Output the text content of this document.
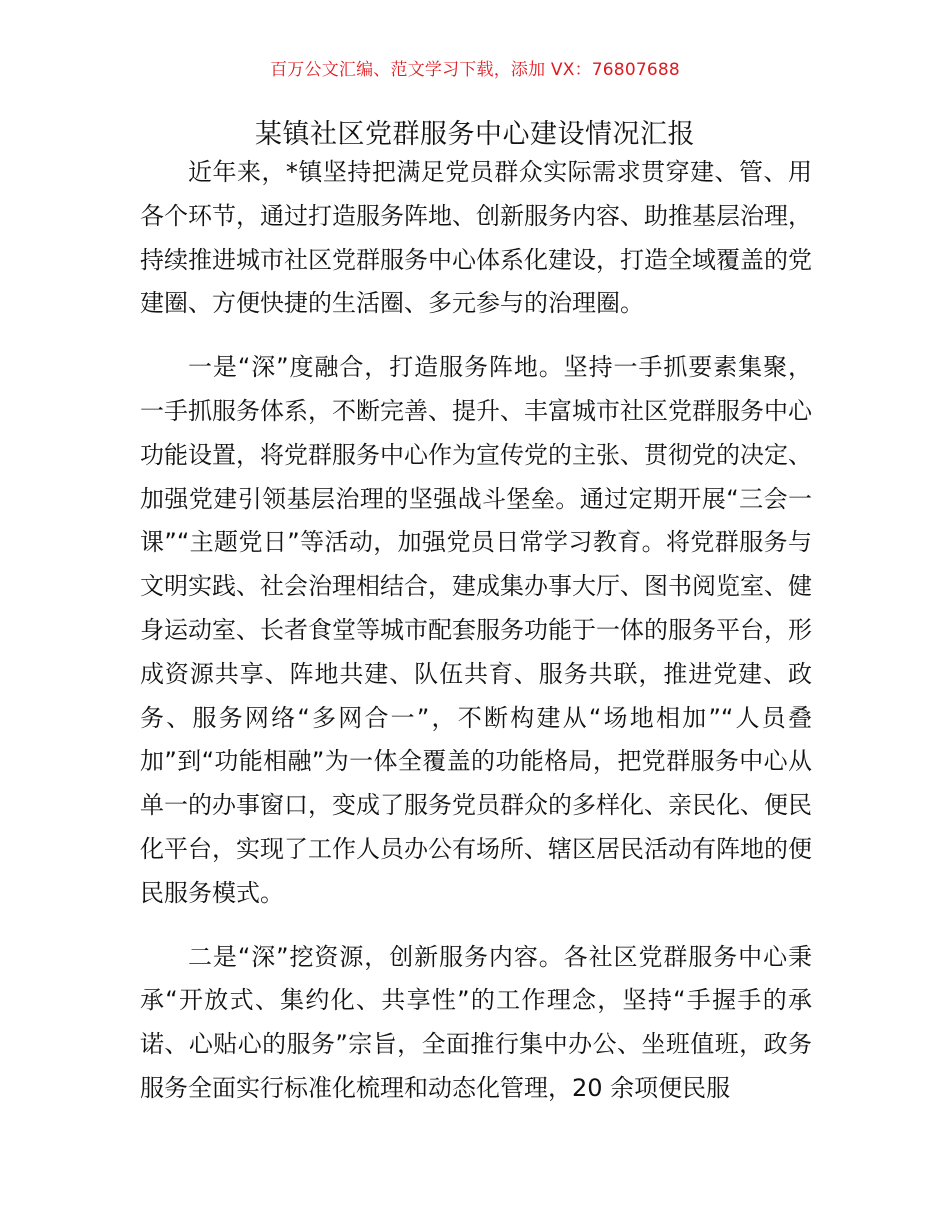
百万公文汇编、范文学习下载，添加 VX：76807688
某镇社区党群服务中心建设情况汇报

近年来，*镇坚持把满足党员群众实际需求贯穿建、管、用各个环节，通过打造服务阵地、创新服务内容、助推基层治理，持续推进城市社区党群服务中心体系化建设，打造全域覆盖的党建圈、方便快捷的生活圈、多元参与的治理圈。

一是“深”度融合，打造服务阵地。坚持一手抓要素集聚，一手抓服务体系，不断完善、提升、丰富城市社区党群服务中心功能设置，将党群服务中心作为宣传党的主张、贯彻党的决定、加强党建引领基层治理的坚强战斗堡垒。通过定期开展“三会一课”“主题党日”等活动，加强党员日常学习教育。将党群服务与文明实践、社会治理相结合，建成集办事大厅、图书阅览室、健身运动室、长者食堂等城市配套服务功能于一体的服务平台，形成资源共享、阵地共建、队伍共育、服务共联，推进党建、政务、服务网络“多网合一”，不断构建从“场地相加”“人员叠加”到“功能相融”为一体全覆盖的功能格局，把党群服务中心从单一的办事窗口，变成了服务党员群众的多样化、亲民化、便民化平台，实现了工作人员办公有场所、辖区居民活动有阵地的便民服务模式。

二是“深”挖资源，创新服务内容。各社区党群服务中心秉承“开放式、集约化、共享性”的工作理念，坚持“手握手的承诺、心贴心的服务”宗旨，全面推行集中办公、坐班值班，政务服务全面实行标准化梳理和动态化管理，20 余项便民服
